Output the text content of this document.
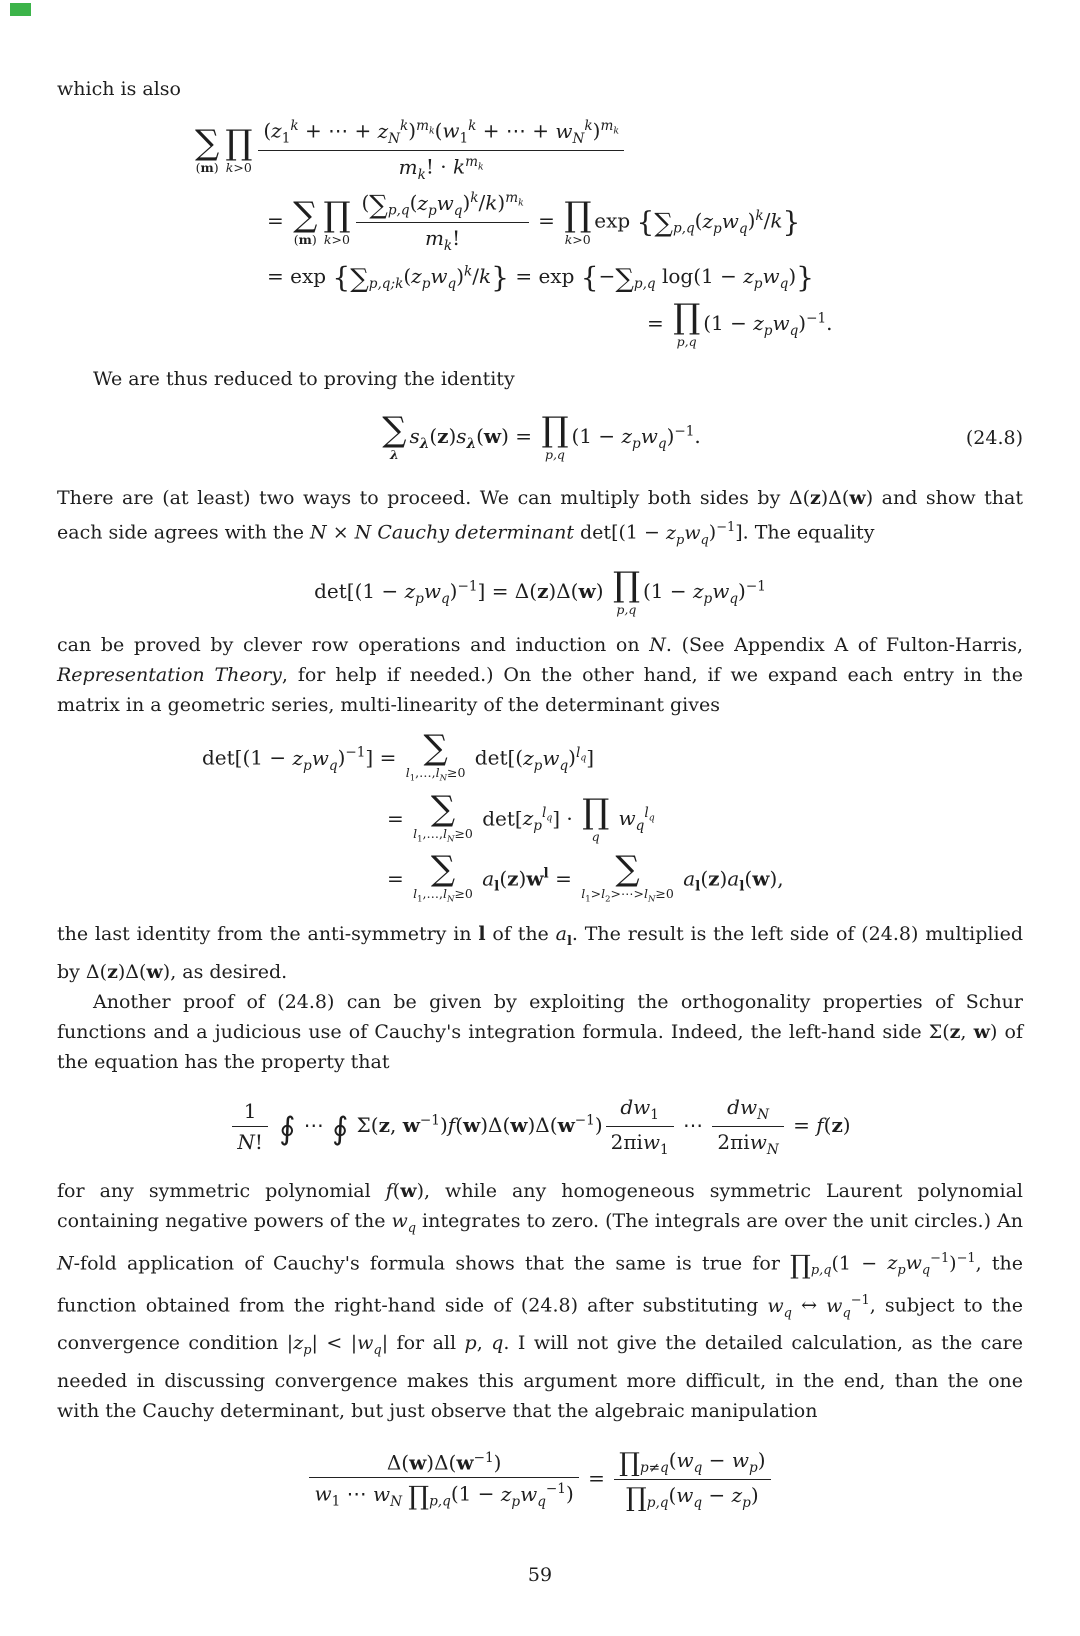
which is also

∑
(m)
∏
k>0
($z_1^k$ + ⋯ + $z_N^k)^{m_k}(w_1^k$ + ⋯ + $w_N^k)^{m_k}$
$m_k$! · $k^{m_k}$
= ∑
(m)
∏
k>0
$(\sum_{p,q}(z_pw_q)^k/k)^{m_k}$
$m_k$!
= ∏
k>0
$\exp \{\sum_{p,q}(z_pw_q)^k/k\}$
= $\exp \{\sum_{p,q;k}(z_pw_q)^k/k\} = \exp \{-\sum_{p,q}$ $\log(1 - z_pw_q)$}
= ∏
p,q
$(1 - z_pw_q)^{-1}$.

We are thus reduced to proving the identity

∑
λ
$s_\lambda(z)s_\lambda(w)$ = ∏
p,q
$(1 - z_pw_q)^{-1}$.	(24.8)

There are (at least) two ways to proceed. We can multiply both sides by Δ(z)Δ(w) and show that each side agrees with the N × N Cauchy determinant $\det[(1 - z_pw_q)^{-1}]$. The equality

$\det[(1 - z_pw_q)^{-1}] = \Delta(z)\Delta(w)$ ∏
p,q
$(1 - z_pw_q)^{-1}$

can be proved by clever row operations and induction on N. (See Appendix A of Fulton-Harris, Representation Theory, for help if needed.) On the other hand, if we expand each entry in the matrix in a geometric series, multi-linearity of the determinant gives

$\det[(1 - z_pw_q)^{-1}]$ = ∑
$l_1,\dots,l_N\ge 0$
$\det[(z_pw_q)^{l_q}]$
= ∑
$l_1,\dots,l_N\ge 0$
$\det[z_p^{l_q}]$ · ∏
q
$w_q^{l_q}$
= ∑
$l_1,\dots,l_N\ge 0$
$a_l(z)w^l$ = ∑
$l_1>l_2>\cdots>l_N\ge 0$
$a_l(z)a_l(w)$,

the last identity from the anti-symmetry in l of the $a_l$. The result is the left side of (24.8) multiplied by Δ(z)Δ(w), as desired.

Another proof of (24.8) can be given by exploiting the orthogonality properties of Schur functions and a judicious use of Cauchy's integration formula. Indeed, the left-hand side Σ(z, w) of the equation has the property that

$\frac{1}{N!}$ ∮ ⋯ ∮ Σ(z, $w^{-1})f(w)\Delta(w)\Delta(w^{-1})$
$dw_1$
2πiw$_1$
⋯
$dw_N$
2πiw$_N$
= f(z)

for any symmetric polynomial f(w), while any homogeneous symmetric Laurent polynomial containing negative powers of the $w_q$ integrates to zero. (The integrals are over the unit circles.) An N-fold application of Cauchy's formula shows that the same is true for $\prod_{p,q}(1 - z_pw_q^{-1})^{-1}$, the function obtained from the right-hand side of (24.8) after substituting $w_q$ ↔ $w_q^{-1}$, subject to the convergence condition $|z_p| < |w_q|$ for all p, q. I will not give the detailed calculation, as the care needed in discussing convergence makes this argument more difficult, in the end, than the one with the Cauchy determinant, but just observe that the algebraic manipulation

$\Delta(w)\Delta(w^{-1})$
$w_1$ ⋯ $w_N$ $\prod_{p,q}(1 - z_pw_q^{-1})$
= $\frac{\prod_{p\ne q}(w_q - w_p)}{\prod_{p,q}(w_q - z_p)}$
59
